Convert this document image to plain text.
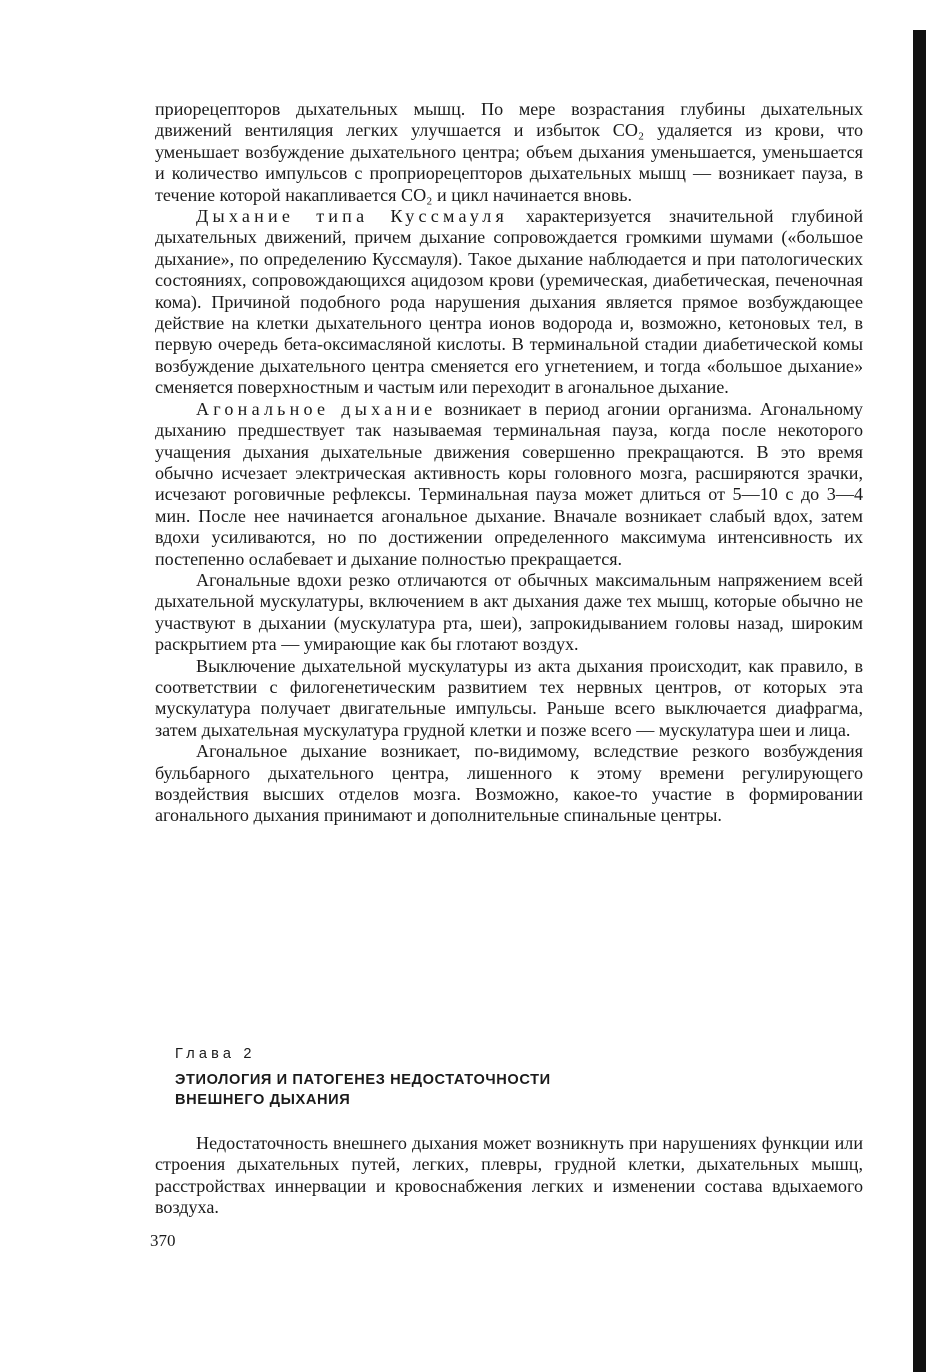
приорецепторов дыхательных мышц. По мере возрастания глубины дыхательных движений вентиляция легких улучшается и избыток CO₂ удаляется из крови, что уменьшает возбуждение дыхательного центра; объем дыхания уменьшается, уменьшается и количество импульсов с проприорецепторов дыхательных мышц — возникает пауза, в течение которой накапливается CO₂ и цикл начинается вновь.

Дыхание типа Куссмауля характеризуется значительной глубиной дыхательных движений, причем дыхание сопровождается громкими шумами («большое дыхание», по определению Куссмауля). Такое дыхание наблюдается и при патологических состояниях, сопровождающихся ацидозом крови (уремическая, диабетическая, печеночная кома). Причиной подобного рода нарушения дыхания является прямое возбуждающее действие на клетки дыхательного центра ионов водорода и, возможно, кетоновых тел, в первую очередь бета-оксимасляной кислоты. В терминальной стадии диабетической комы возбуждение дыхательного центра сменяется его угнетением, и тогда «большое дыхание» сменяется поверхностным и частым или переходит в агональное дыхание.

Агональное дыхание возникает в период агонии организма. Агональному дыханию предшествует так называемая терминальная пауза, когда после некоторого учащения дыхания дыхательные движения совершенно прекращаются. В это время обычно исчезает электрическая активность коры головного мозга, расширяются зрачки, исчезают роговичные рефлексы. Терминальная пауза может длиться от 5—10 с до 3—4 мин. После нее начинается агональное дыхание. Вначале возникает слабый вдох, затем вдохи усиливаются, но по достижении определенного максимума интенсивность их постепенно ослабевает и дыхание полностью прекращается.

Агональные вдохи резко отличаются от обычных максимальным напряжением всей дыхательной мускулатуры, включением в акт дыхания даже тех мышц, которые обычно не участвуют в дыхании (мускулатура рта, шеи), запрокидыванием головы назад, широким раскрытием рта — умирающие как бы глотают воздух.

Выключение дыхательной мускулатуры из акта дыхания происходит, как правило, в соответствии с филогенетическим развитием тех нервных центров, от которых эта мускулатура получает двигательные импульсы. Раньше всего выключается диафрагма, затем дыхательная мускулатура грудной клетки и позже всего — мускулатура шеи и лица.

Агональное дыхание возникает, по-видимому, вследствие резкого возбуждения бульбарного дыхательного центра, лишенного к этому времени регулирующего воздействия высших отделов мозга. Возможно, какое-то участие в формировании агонального дыхания принимают и дополнительные спинальные центры.

Глава 2

ЭТИОЛОГИЯ И ПАТОГЕНЕЗ НЕДОСТАТОЧНОСТИ
ВНЕШНЕГО ДЫХАНИЯ

Недостаточность внешнего дыхания может возникнуть при нарушениях функции или строения дыхательных путей, легких, плевры, грудной клетки, дыхательных мышц, расстройствах иннервации и кровоснабжения легких и изменении состава вдыхаемого воздуха.

370
